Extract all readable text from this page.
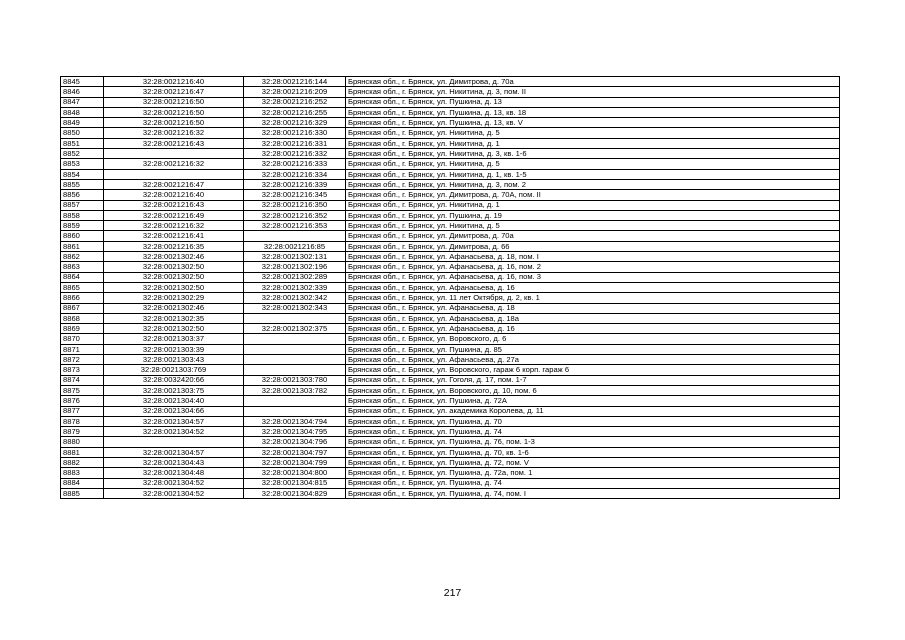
8845	32:28:0021216:40	32:28:0021216:144	Брянская обл., г. Брянск, ул. Димитрова, д. 70а
8846	32:28:0021216:47	32:28:0021216:209	Брянская обл., г. Брянск, ул. Никитина, д. 3, пом. II
8847	32:28:0021216:50	32:28:0021216:252	Брянская обл., г. Брянск, ул. Пушкина, д. 13
8848	32:28:0021216:50	32:28:0021216:255	Брянская обл., г. Брянск, ул. Пушкина, д. 13, кв. 18
8849	32:28:0021216:50	32:28:0021216:329	Брянская обл., г. Брянск, ул. Пушкина, д. 13, кв. V
8850	32:28:0021216:32	32:28:0021216:330	Брянская обл., г. Брянск, ул. Никитина, д. 5
8851	32:28:0021216:43	32:28:0021216:331	Брянская обл., г. Брянск, ул. Никитина, д. 1
8852		32:28:0021216:332	Брянская обл., г. Брянск, ул. Никитина, д. 3, кв. 1-6
8853	32:28:0021216:32	32:28:0021216:333	Брянская обл., г. Брянск, ул. Никитина, д. 5
8854		32:28:0021216:334	Брянская обл., г. Брянск, ул. Никитина, д. 1, кв. 1-5
8855	32:28:0021216:47	32:28:0021216:339	Брянская обл., г. Брянск, ул. Никитина, д. 3, пом. 2
8856	32:28:0021216:40	32:28:0021216:345	Брянская обл., г. Брянск, ул. Димитрова, д. 70А, пом. II
8857	32:28:0021216:43	32:28:0021216:350	Брянская обл., г. Брянск, ул. Никитина, д. 1
8858	32:28:0021216:49	32:28:0021216:352	Брянская обл., г. Брянск, ул. Пушкина, д. 19
8859	32:28:0021216:32	32:28:0021216:353	Брянская обл., г. Брянск, ул. Никитина, д. 5
8860	32:28:0021216:41		Брянская обл., г. Брянск, ул. Димитрова, д. 70а
8861	32:28:0021216:35	32:28:0021216:85	Брянская обл., г. Брянск, ул. Димитрова, д. 66
8862	32:28:0021302:46	32:28:0021302:131	Брянская обл., г. Брянск, ул. Афанасьева, д. 18, пом. I
8863	32:28:0021302:50	32:28:0021302:196	Брянская обл., г. Брянск, ул. Афанасьева, д. 16, пом. 2
8864	32:28:0021302:50	32:28:0021302:289	Брянская обл., г. Брянск, ул. Афанасьева, д. 16, пом. 3
8865	32:28:0021302:50	32:28:0021302:339	Брянская обл., г. Брянск, ул. Афанасьева, д. 16
8866	32:28:0021302:29	32:28:0021302:342	Брянская обл., г. Брянск, ул. 11 лет Октября, д. 2, кв. 1
8867	32:28:0021302:46	32:28:0021302:343	Брянская обл., г. Брянск, ул. Афанасьева, д. 18
8868	32:28:0021302:35		Брянская обл., г. Брянск, ул. Афанасьева, д. 18а
8869	32:28:0021302:50	32:28:0021302:375	Брянская обл., г. Брянск, ул. Афанасьева, д. 16
8870	32:28:0021303:37		Брянская обл., г. Брянск, ул. Воровского, д. 6
8871	32:28:0021303:39		Брянская обл., г. Брянск, ул. Пушкина, д. 85
8872	32:28:0021303:43		Брянская обл., г. Брянск, ул. Афанасьева, д. 27а
8873	32:28:0021303:769		Брянская обл., г. Брянск, ул. Воровского, гараж 6 корп. гараж 6
8874	32:28:0032420:66	32:28:0021303:780	Брянская обл., г. Брянск, ул. Гоголя, д. 17, пом. 1-7
8875	32:28:0021303:75	32:28:0021303:782	Брянская обл., г. Брянск, ул. Воровского, д. 10, пом. 6
8876	32:28:0021304:40		Брянская обл., г. Брянск, ул. Пушкина, д. 72А
8877	32:28:0021304:66		Брянская обл., г. Брянск, ул. академика Королева, д. 11
8878	32:28:0021304:57	32:28:0021304:794	Брянская обл., г. Брянск, ул. Пушкина, д. 70
8879	32:28:0021304:52	32:28:0021304:795	Брянская обл., г. Брянск, ул. Пушкина, д. 74
8880		32:28:0021304:796	Брянская обл., г. Брянск, ул. Пушкина, д. 76, пом. 1-3
8881	32:28:0021304:57	32:28:0021304:797	Брянская обл., г. Брянск, ул. Пушкина, д. 70, кв. 1-6
8882	32:28:0021304:43	32:28:0021304:799	Брянская обл., г. Брянск, ул. Пушкина, д. 72, пом. V
8883	32:28:0021304:48	32:28:0021304:800	Брянская обл., г. Брянск, ул. Пушкина, д. 72а, пом. 1
8884	32:28:0021304:52	32:28:0021304:815	Брянская обл., г. Брянск, ул. Пушкина, д. 74
8885	32:28:0021304:52	32:28:0021304:829	Брянская обл., г. Брянск, ул. Пушкина, д. 74, пом. I
217
